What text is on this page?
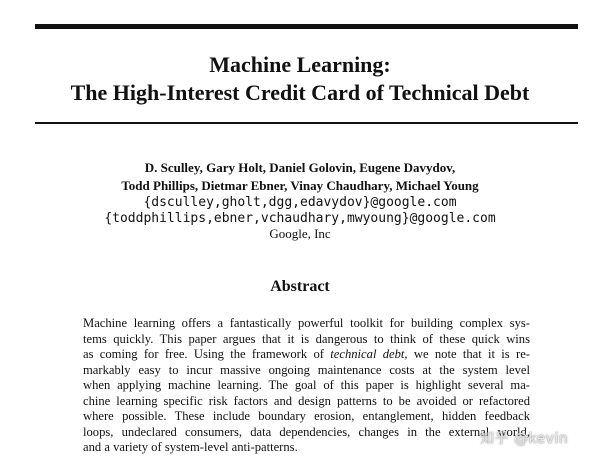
Machine Learning:
The High-Interest Credit Card of Technical Debt
D. Sculley, Gary Holt, Daniel Golovin, Eugene Davydov,
Todd Phillips, Dietmar Ebner, Vinay Chaudhary, Michael Young
{dsculley,gholt,dgg,edavydov}@google.com
{toddphillips,ebner,vchaudhary,mwyoung}@google.com
Google, Inc
Abstract
Machine learning offers a fantastically powerful toolkit for building complex sys-
tems quickly. This paper argues that it is dangerous to think of these quick wins
as coming for free. Using the framework of technical debt, we note that it is re-
markably easy to incur massive ongoing maintenance costs at the system level
when applying machine learning. The goal of this paper is highlight several ma-
chine learning specific risk factors and design patterns to be avoided or refactored
where possible. These include boundary erosion, entanglement, hidden feedback
loops, undeclared consumers, data dependencies, changes in the external world,
and a variety of system-level anti-patterns.	知乎 @kevin
